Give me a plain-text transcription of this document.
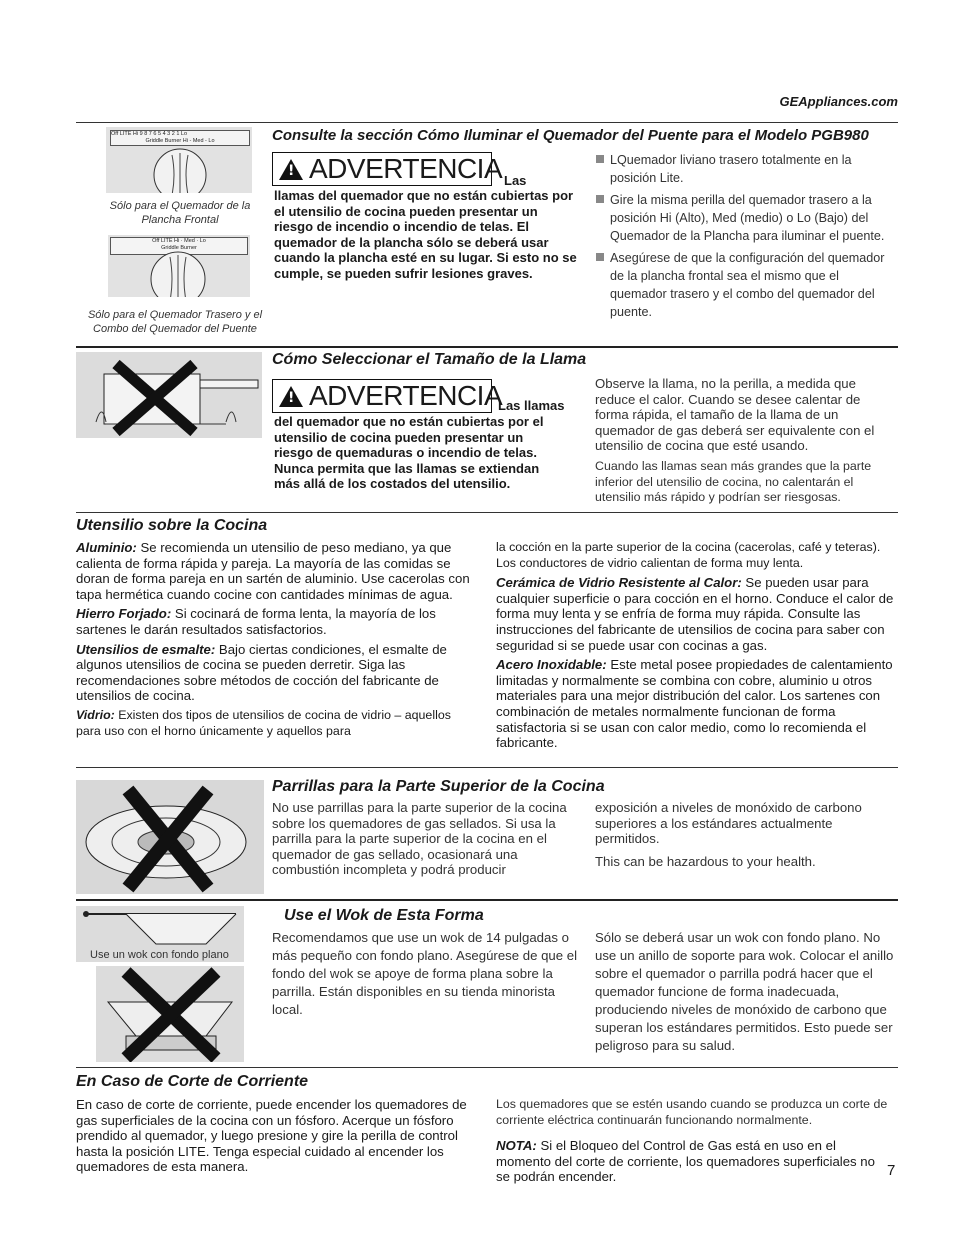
GEAppliances.com
Off LITE Hi 9 8 7 6 5 4 3 2 1 Lo
Griddle Burner Hi - Med - Lo
Sólo para el Quemador de la Plancha Frontal
Off LITE Hi · Med · Lo
Griddle Burner
Sólo para el Quemador Trasero y el Combo del Quemador del Puente
Consulte la sección Cómo Iluminar el Quemador del Puente para el Modelo PGB980
! ADVERTENCIA Las
llamas del quemador que no están cubiertas por el utensilio de cocina pueden presentar un riesgo de incendio o incendio de telas. El quemador de la plancha sólo se deberá usar cuando la plancha esté en su lugar. Si esto no se cumple, se pueden sufrir lesiones graves.
LQuemador liviano trasero totalmente en la posición Lite.
Gire la misma perilla del quemador trasero a la posición Hi (Alto), Med (medio) o Lo (Bajo) del Quemador de la Plancha para iluminar el puente.
Asegúrese de que la configuración del quemador de la plancha frontal sea el mismo que el quemador trasero y el combo del quemador del puente.
Cómo Seleccionar el Tamaño de la Llama
! ADVERTENCIA
Las llamas
del quemador que no están cubiertas por el utensilio de cocina pueden presentar un riesgo de quemaduras o incendio de telas. Nunca permita que las llamas se extiendan más allá de los costados del utensilio.
Observe la llama, no la perilla, a medida que reduce el calor. Cuando se desee calentar de forma rápida, el tamaño de la llama de un quemador de gas deberá ser equivalente con el utensilio de cocina que esté usando.
Cuando las llamas sean más grandes que la parte inferior del utensilio de cocina, no calentarán el utensilio más rápido y podrían ser riesgosas.
Utensilio sobre la Cocina

Aluminio: Se recomienda un utensilio de peso mediano, ya que calienta de forma rápida y pareja. La mayoría de las comidas se doran de forma pareja en un sartén de aluminio. Use cacerolas con tapa hermética cuando cocine con cantidades mínimas de agua.

Hierro Forjado: Si cocinará de forma lenta, la mayoría de los sartenes le darán resultados satisfactorios.

Utensilios de esmalte: Bajo ciertas condiciones, el esmalte de algunos utensilios de cocina se pueden derretir. Siga las recomendaciones sobre métodos de cocción del fabricante de utensilios de cocina.

Vidrio: Existen dos tipos de utensilios de cocina de vidrio – aquellos para uso con el horno únicamente y aquellos para

la cocción en la parte superior de la cocina (cacerolas, café y teteras). Los conductores de vidrio calientan de forma muy lenta.

Cerámica de Vidrio Resistente al Calor: Se pueden usar para cualquier superficie o para cocción en el horno. Conduce el calor de forma muy lenta y se enfría de forma muy rápida. Consulte las instrucciones del fabricante de utensilios de cocina para saber con seguridad si se puede usar con cocinas a gas.

Acero Inoxidable: Este metal posee propiedades de calentamiento limitadas y normalmente se combina con cobre, aluminio u otros materiales para una mejor distribución del calor. Los sartenes con combinación de metales normalmente funcionan de forma satisfactoria si se usan con calor medio, como lo recomienda el fabricante.

Parrillas para la Parte Superior de la Cocina
No use parrillas para la parte superior de la cocina sobre los quemadores de gas sellados. Si usa la parrilla para la parte superior de la cocina en el quemador de gas sellado, ocasionará una combustión incompleta y podrá producir
exposición a niveles de monóxido de carbono superiores a los estándares actualmente permitidos.
This can be hazardous to your health.
Use un wok con fondo plano
Use el Wok de Esta Forma
Recomendamos que use un wok de 14 pulgadas o más pequeño con fondo plano. Asegúrese de que el fondo del wok se apoye de forma plana sobre la parrilla. Están disponibles en su tienda minorista local.
Sólo se deberá usar un wok con fondo plano. No use un anillo de soporte para wok. Colocar el anillo sobre el quemador o parrilla podrá hacer que el quemador funcione de forma inadecuada, produciendo niveles de monóxido de carbono que superan los estándares permitidos. Esto puede ser peligroso para su salud.
En Caso de Corte de Corriente
En caso de corte de corriente, puede encender los quemadores de gas superficiales de la cocina con un fósforo. Acerque un fósforo prendido al quemador, y luego presione y gire la perilla de control hasta la posición LITE. Tenga especial cuidado al encender los quemadores de esta manera.
Los quemadores que se estén usando cuando se produzca un corte de corriente eléctrica continuarán funcionando normalmente.
NOTA: Si el Bloqueo del Control de Gas está en uso en el momento del corte de corriente, los quemadores superficiales no se podrán encender.	7
